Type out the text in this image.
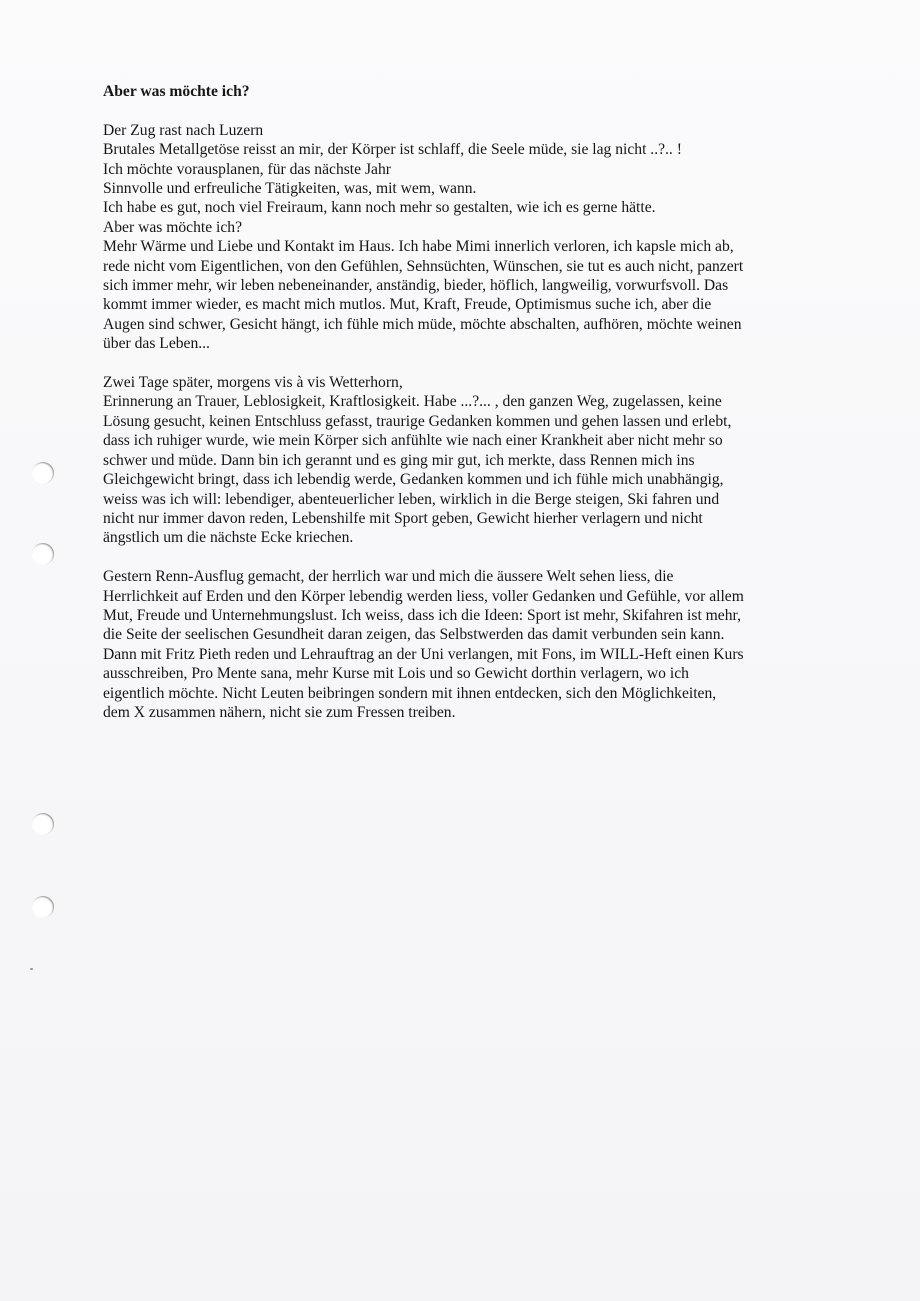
Aber was möchte ich?
Der Zug rast nach Luzern
Brutales Metallgetöse reisst an mir, der Körper ist schlaff, die Seele müde, sie lag nicht ..?.. !
Ich möchte vorausplanen, für das nächste Jahr
Sinnvolle und erfreuliche Tätigkeiten, was, mit wem, wann.
Ich habe es gut, noch viel Freiraum, kann noch mehr so gestalten, wie ich es gerne hätte.
Aber was möchte ich?
Mehr Wärme und Liebe und Kontakt im Haus. Ich habe Mimi innerlich verloren, ich kapsle mich ab,
rede nicht vom Eigentlichen, von den Gefühlen, Sehnsüchten, Wünschen, sie tut es auch nicht, panzert
sich immer mehr, wir leben nebeneinander, anständig, bieder, höflich, langweilig, vorwurfsvoll. Das
kommt immer wieder, es macht mich mutlos. Mut, Kraft, Freude, Optimismus suche ich, aber die
Augen sind schwer, Gesicht hängt, ich fühle mich müde, möchte abschalten, aufhören, möchte weinen
über das Leben...
Zwei Tage später, morgens vis à vis Wetterhorn,
Erinnerung an Trauer, Leblosigkeit, Kraftlosigkeit. Habe ...?... , den ganzen Weg, zugelassen, keine
Lösung gesucht, keinen Entschluss gefasst, traurige Gedanken kommen und gehen lassen und erlebt,
dass ich ruhiger wurde, wie mein Körper sich anfühlte wie nach einer Krankheit aber nicht mehr so
schwer und müde. Dann bin ich gerannt und es ging mir gut, ich merkte, dass Rennen mich ins
Gleichgewicht bringt, dass ich lebendig werde, Gedanken kommen und ich fühle mich unabhängig,
weiss was ich will: lebendiger, abenteuerlicher leben, wirklich in die Berge steigen, Ski fahren und
nicht nur immer davon reden, Lebenshilfe mit Sport geben, Gewicht hierher verlagern und nicht
ängstlich um die nächste Ecke kriechen.
Gestern Renn-Ausflug gemacht, der herrlich war und mich die äussere Welt sehen liess, die
Herrlichkeit auf Erden und den Körper lebendig werden liess, voller Gedanken und Gefühle, vor allem
Mut, Freude und Unternehmungslust. Ich weiss, dass ich die Ideen: Sport ist mehr, Skifahren ist mehr,
die Seite der seelischen Gesundheit daran zeigen, das Selbstwerden das damit verbunden sein kann.
Dann mit Fritz Pieth reden und Lehrauftrag an der Uni verlangen, mit Fons, im WILL-Heft einen Kurs
ausschreiben, Pro Mente sana, mehr Kurse mit Lois und so Gewicht dorthin verlagern, wo ich
eigentlich möchte. Nicht Leuten beibringen sondern mit ihnen entdecken, sich den Möglichkeiten,
dem X zusammen nähern, nicht sie zum Fressen treiben.
